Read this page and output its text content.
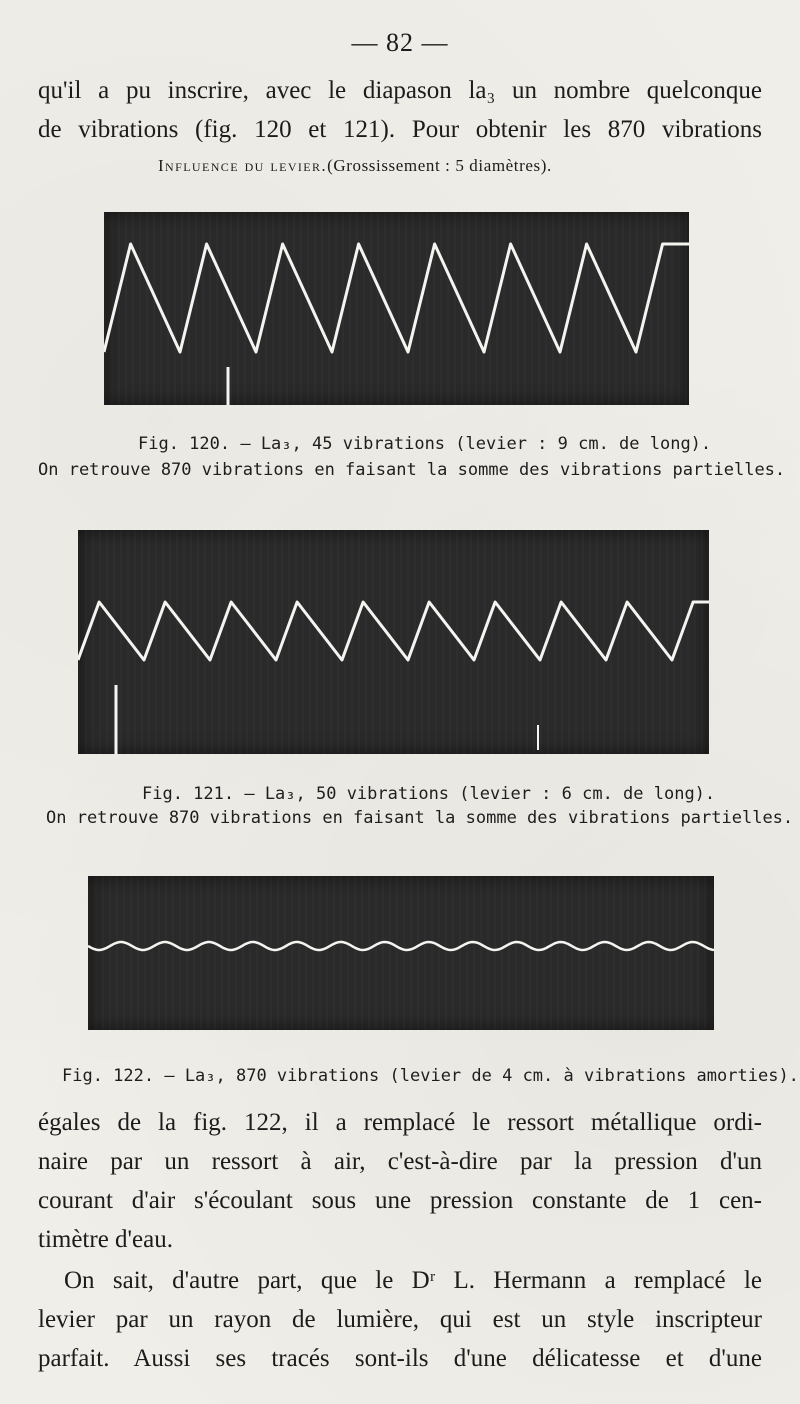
— 82 —
qu'il a pu inscrire, avec le diapason la₃ un nombre quelconque
de vibrations (fig. 120 et 121). Pour obtenir les 870 vibrations
Influence du levier.(Grossissement : 5 diamètres).
Fig. 120. — La₃, 45 vibrations (levier : 9 cm. de long).
On retrouve 870 vibrations en faisant la somme des vibrations partielles.
Fig. 121. — La₃, 50 vibrations (levier : 6 cm. de long).
On retrouve 870 vibrations en faisant la somme des vibrations partielles.
Fig. 122. — La₃, 870 vibrations (levier de 4 cm. à vibrations amorties).
égales de la fig. 122, il a remplacé le ressort métallique ordi-
naire par un ressort à air, c'est-à-dire par la pression d'un
courant d'air s'écoulant sous une pression constante de 1 cen-
timètre d'eau.
On sait, d'autre part, que le Dʳ L. Hermann a remplacé le
levier par un rayon de lumière, qui est un style inscripteur
parfait. Aussi ses tracés sont-ils d'une délicatesse et d'une
